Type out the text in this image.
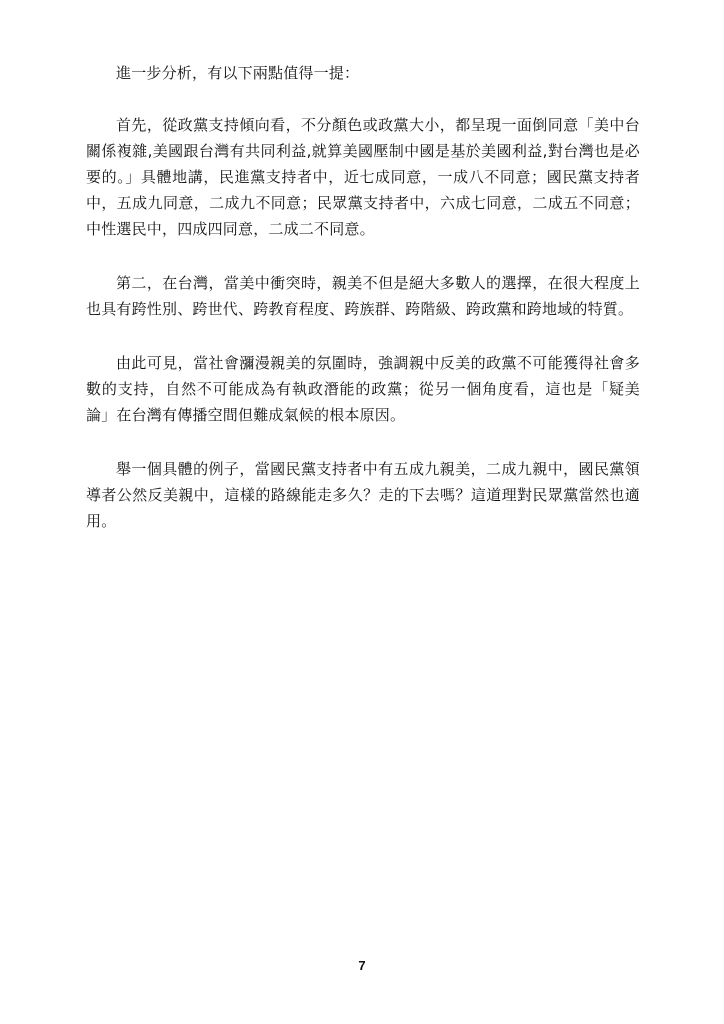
進一步分析，有以下兩點值得一提：

首先，從政黨支持傾向看，不分顏色或政黨大小，都呈現一面倒同意「美中台關係複雜,美國跟台灣有共同利益,就算美國壓制中國是基於美國利益,對台灣也是必要的。」具體地講，民進黨支持者中，近七成同意，一成八不同意；國民黨支持者中，五成九同意，二成九不同意；民眾黨支持者中，六成七同意，二成五不同意；中性選民中，四成四同意，二成二不同意。

第二，在台灣，當美中衝突時，親美不但是絕大多數人的選擇，在很大程度上也具有跨性別、跨世代、跨教育程度、跨族群、跨階級、跨政黨和跨地域的特質。

由此可見，當社會瀰漫親美的氛圍時，強調親中反美的政黨不可能獲得社會多數的支持，自然不可能成為有執政潛能的政黨；從另一個角度看，這也是「疑美論」在台灣有傳播空間但難成氣候的根本原因。

舉一個具體的例子，當國民黨支持者中有五成九親美，二成九親中，國民黨領導者公然反美親中，這樣的路線能走多久？走的下去嗎？這道理對民眾黨當然也適用。

7
